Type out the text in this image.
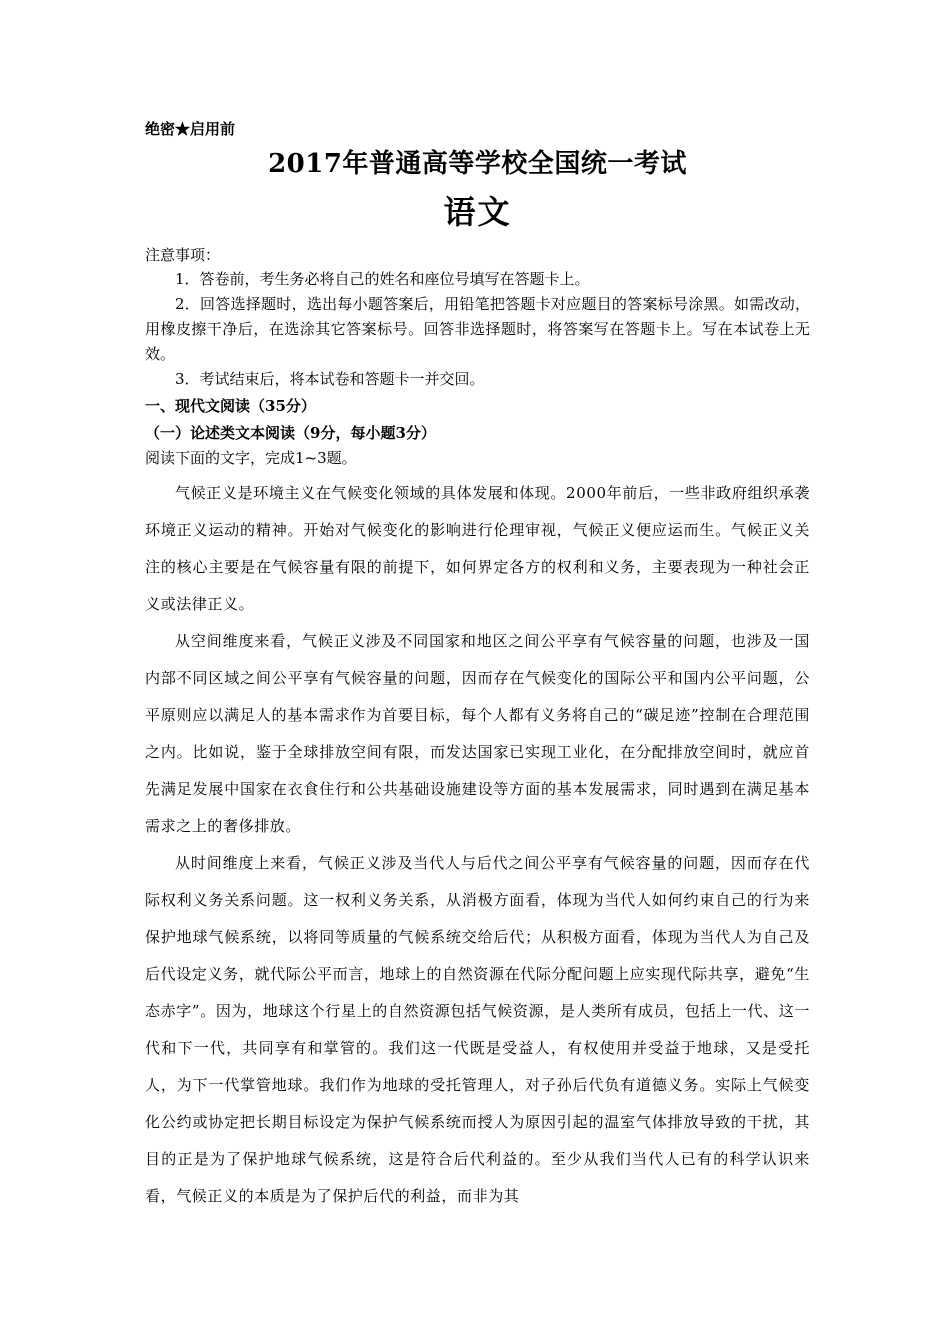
绝密★启用前

2017年普通高等学校全国统一考试
语文

注意事项：

1．答卷前，考生务必将自己的姓名和座位号填写在答题卡上。

2．回答选择题时，选出每小题答案后，用铅笔把答题卡对应题目的答案标号涂黑。如需改动，用橡皮擦干净后，在选涂其它答案标号。回答非选择题时，将答案写在答题卡上。写在本试卷上无效。

3．考试结束后，将本试卷和答题卡一并交回。

一、现代文阅读（35分）

（一）论述类文本阅读（9分，每小题3分）

阅读下面的文字，完成1~3题。

气候正义是环境主义在气候变化领域的具体发展和体现。2000年前后，一些非政府组织承袭环境正义运动的精神。开始对气候变化的影响进行伦理审视，气候正义便应运而生。气候正义关注的核心主要是在气候容量有限的前提下，如何界定各方的权利和义务，主要表现为一种社会正义或法律正义。

从空间维度来看，气候正义涉及不同国家和地区之间公平享有气候容量的问题，也涉及一国内部不同区域之间公平享有气候容量的问题，因而存在气候变化的国际公平和国内公平问题，公平原则应以满足人的基本需求作为首要目标，每个人都有义务将自己的“碳足迹”控制在合理范围之内。比如说，鉴于全球排放空间有限，而发达国家已实现工业化，在分配排放空间时，就应首先满足发展中国家在衣食住行和公共基础设施建设等方面的基本发展需求，同时遇到在满足基本需求之上的奢侈排放。

从时间维度上来看，气候正义涉及当代人与后代之间公平享有气候容量的问题，因而存在代际权利义务关系问题。这一权利义务关系，从消极方面看，体现为当代人如何约束自己的行为来保护地球气候系统，以将同等质量的气候系统交给后代；从积极方面看，体现为当代人为自己及后代设定义务，就代际公平而言，地球上的自然资源在代际分配问题上应实现代际共享，避免“生态赤字”。因为，地球这个行星上的自然资源包括气候资源，是人类所有成员，包括上一代、这一代和下一代，共同享有和掌管的。我们这一代既是受益人，有权使用并受益于地球，又是受托人，为下一代掌管地球。我们作为地球的受托管理人，对子孙后代负有道德义务。实际上气候变化公约或协定把长期目标设定为保护气候系统而授人为原因引起的温室气体排放导致的干扰，其目的正是为了保护地球气候系统，这是符合后代利益的。至少从我们当代人已有的科学认识来看，气候正义的本质是为了保护后代的利益，而非为其
